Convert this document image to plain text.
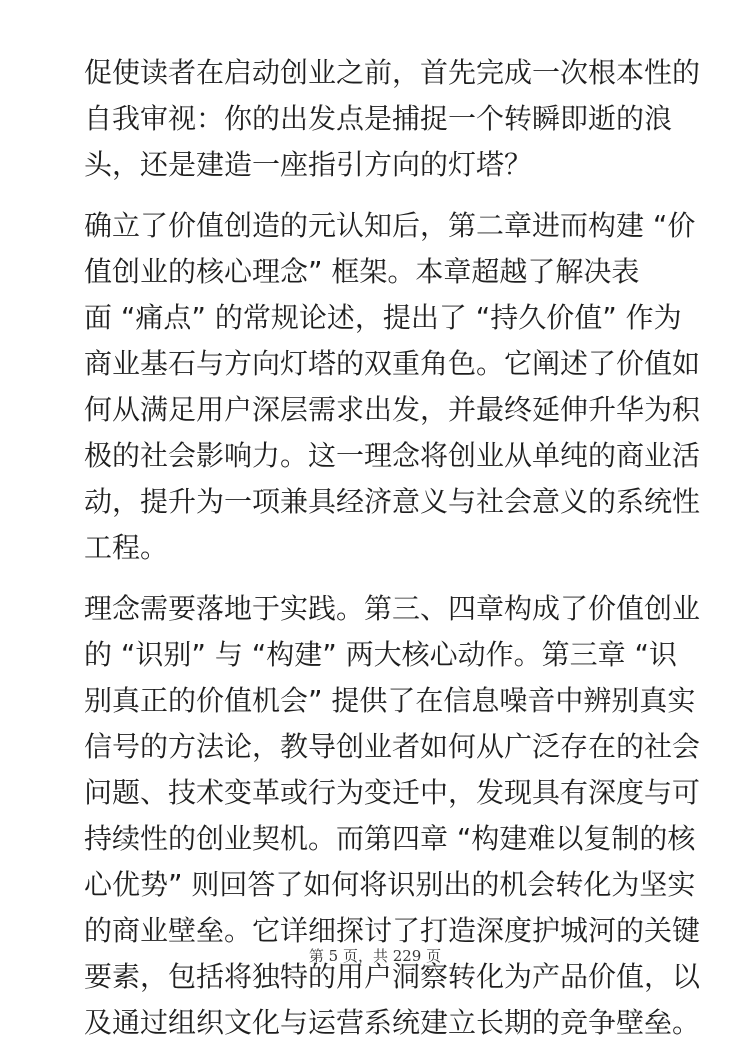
促使读者在启动创业之前，首先完成一次根本性的
自我审视：你的出发点是捕捉一个转瞬即逝的浪
头，还是建造一座指引方向的灯塔？
确立了价值创造的元认知后，第二章进而构建 “价
值创业的核心理念” 框架。本章超越了解决表
面 “痛点” 的常规论述，提出了 “持久价值” 作为
商业基石与方向灯塔的双重角色。它阐述了价值如
何从满足用户深层需求出发，并最终延伸升华为积
极的社会影响力。这一理念将创业从单纯的商业活
动，提升为一项兼具经济意义与社会意义的系统性
工程。
理念需要落地于实践。第三、四章构成了价值创业
的 “识别” 与 “构建” 两大核心动作。第三章 “识
别真正的价值机会” 提供了在信息噪音中辨别真实
信号的方法论，教导创业者如何从广泛存在的社会
问题、技术变革或行为变迁中，发现具有深度与可
持续性的创业契机。而第四章 “构建难以复制的核
心优势” 则回答了如何将识别出的机会转化为坚实
的商业壁垒。它详细探讨了打造深度护城河的关键
要素，包括将独特的用户洞察转化为产品价值，以
及通过组织文化与运营系统建立长期的竞争壁垒。
第 5 页，共 229 页
